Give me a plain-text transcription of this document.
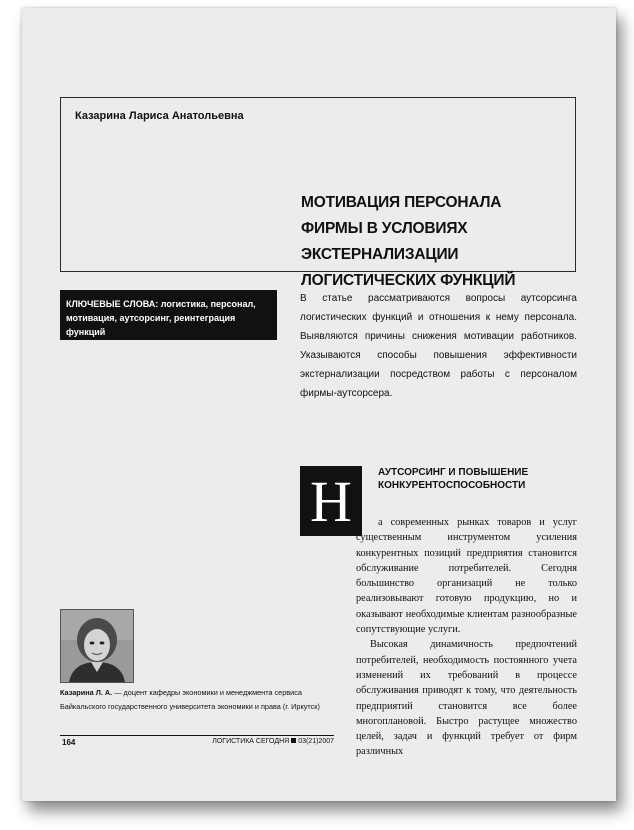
Казарина Лариса Анатольевна
МОТИВАЦИЯ ПЕРСОНАЛА ФИРМЫ В УСЛОВИЯХ ЭКСТЕРНАЛИЗАЦИИ ЛОГИСТИЧЕСКИХ ФУНКЦИЙ
КЛЮЧЕВЫЕ СЛОВА: логистика, персонал, мотивация, аутсорсинг, реинтеграция функций
В статье рассматриваются вопросы аутсорсинга логистических функций и отношения к нему персонала. Выявляются причины снижения мотивации работников. Указываются способы повышения эффективности экстернализации посредством работы с персоналом фирмы-аутсорсера.
Н	АУТСОРСИНГ И ПОВЫШЕНИЕ КОНКУРЕНТОСПОСОБНОСТИ

а современных рынках товаров и услуг существенным инструментом усиления конкурентных позиций предприятия становится обслуживание потребителей. Сегодня большинство организаций не только реализовывают готовую продукцию, но и оказывают необходимые клиентам разнообразные сопутствующие услуги.

Высокая динамичность предпочтений потребителей, необходимость постоянного учета изменений их требований в процессе обслуживания приводят к тому, что деятельность предприятий становится все более многоплановой. Быстро растущее множество целей, задач и функций требует от фирм различных

Казарина Л. А. — доцент кафедры экономики и менеджмента сервиса Байкальского государственного университета экономики и права (г. Иркутск)
164	ЛОГИСТИКА СЕГОДНЯ 03(21)2007
